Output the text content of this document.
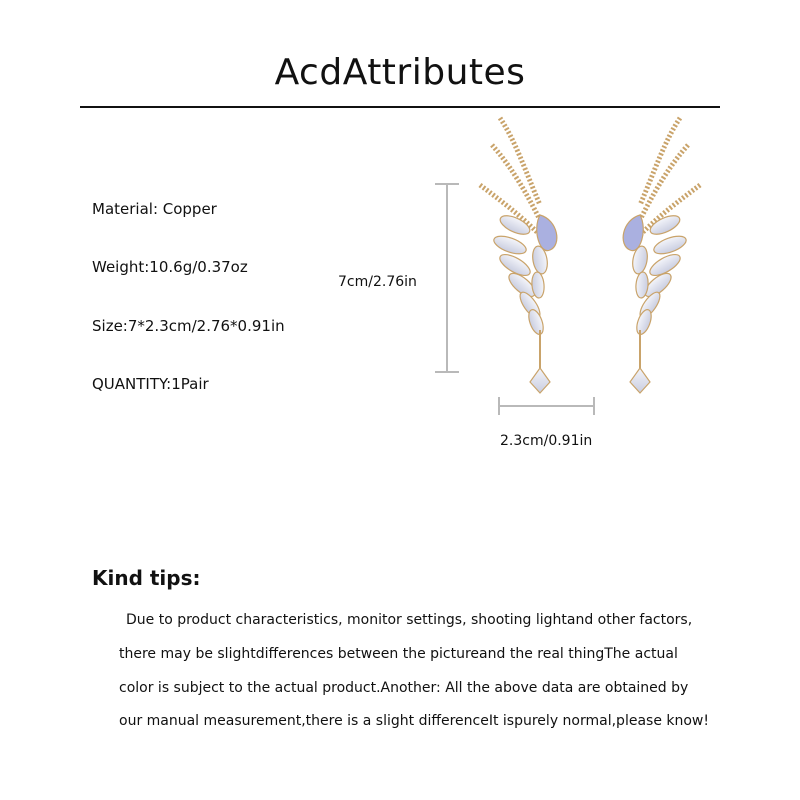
AcdAttributes
Material: Copper
Weight:10.6g/0.37oz
Size:7*2.3cm/2.76*0.91in
QUANTITY:1Pair
7cm/2.76in
2.3cm/0.91in
Kind tips:
Due to product characteristics, monitor settings, shooting lightand other factors,
there may be slightdifferences between the pictureand the real thingThe actual
color is subject to the actual product.Another: All the above data are obtained by
our manual measurement,there is a slight differenceIt ispurely normal,please know!
